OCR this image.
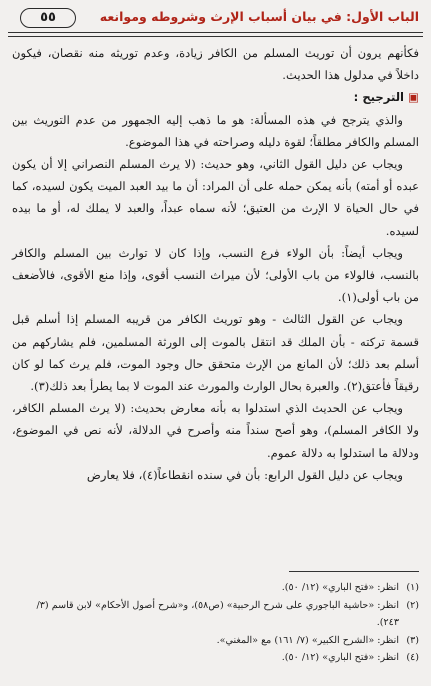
الباب الأول: في بيان أسباب الإرث وشروطه وموانعه
٥٥

فكأنهم يرون أن توريث المسلم من الكافر زيادة، وعدم توريثه منه نقصان، فيكون داخلاً في مدلول هذا الحديث.

▣الترجيح :

والذي يترجح في هذه المسألة: هو ما ذهب إليه الجمهور من عدم التوريث بين المسلم والكافر مطلقاً؛ لقوة دليله وصراحته في هذا الموضوع.

ويجاب عن دليل القول الثاني، وهو حديث: (لا يرث المسلم النصراني إلا أن يكون عبده أو أمته) بأنه يمكن حمله على أن المراد: أن ما بيد العبد الميت يكون لسيده، كما في حال الحياة لا الإرث من العتيق؛ لأنه سماه عبداً، والعبد لا يملك له، أو ما بيده لسيده.

ويجاب أيضاً: بأن الولاء فرع النسب، وإذا كان لا توارث بين المسلم والكافر بالنسب، فالولاء من باب الأولى؛ لأن ميراث النسب أقوى، وإذا منع الأقوى، فالأضعف من باب أولى(١).

ويجاب عن القول الثالث - وهو توريث الكافر من قريبه المسلم إذا أسلم قبل قسمة تركته - بأن الملك قد انتقل بالموت إلى الورثة المسلمين، فلم يشاركهم من أسلم بعد ذلك؛ لأن المانع من الإرث متحقق حال وجود الموت، فلم يرث كما لو كان رقيقاً فأعتق(٢). والعبرة بحال الوارث والمورث عند الموت لا بما يطرأ بعد ذلك(٣).

ويجاب عن الحديث الذي استدلوا به بأنه معارض بحديث: (لا يرث المسلم الكافر، ولا الكافر المسلم)، وهو أصح سنداً منه وأصرح في الدلالة، لأنه نص في الموضوع، ودلالة ما استدلوا به دلالة عموم.

ويجاب عن دليل القول الرابع: بأن في سنده انقطاعاً(٤)، فلا يعارض

(١)
انظر: «فتح الباري» (١٢/ ٥٠).
(٢)
انظر: «حاشية الباجوري على شرح الرحبية» (ص٥٨)، و«شرح أصول الأحكام» لابن قاسم (٣/ ٢٤٣).
(٣)
انظر: «الشرح الكبير» (٧/ ١٦١) مع «المغني».
(٤)
انظر: «فتح الباري» (١٢/ ٥٠).
